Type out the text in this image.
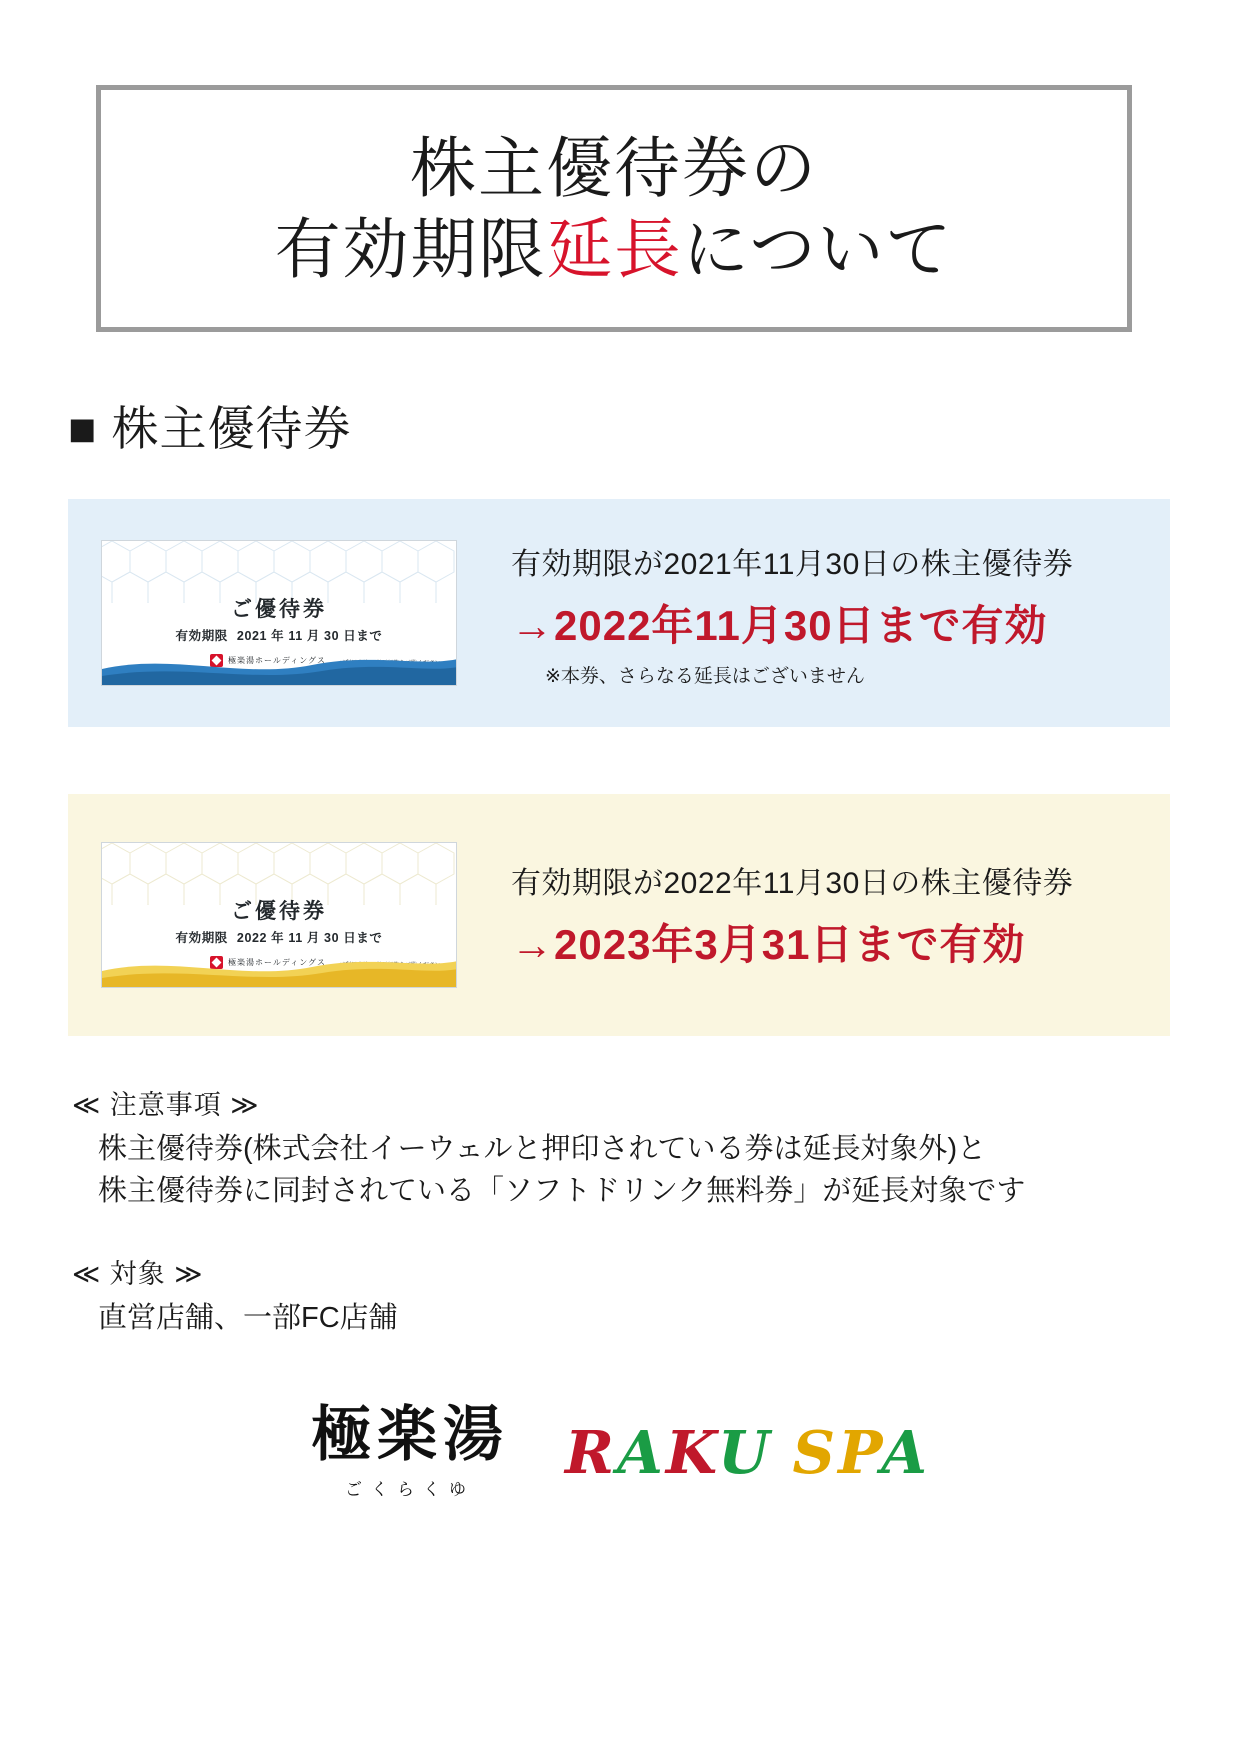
株主優待券の
有効期限延長について
■ 株主優待券
ご優待券
有効期限 2021 年 11 月 30 日まで
極楽湯ホールディングス
有効期限が2021年11月30日の株主優待券
→2022年11月30日まで有効
※本券、さらなる延長はございません
ご優待券
有効期限 2022 年 11 月 30 日まで
極楽湯ホールディングス
有効期限が2022年11月30日の株主優待券
→2023年3月31日まで有効
≪ 注意事項 ≫
株主優待券(株式会社イーウェルと押印されている券は延長対象外)と
株主優待券に同封されている「ソフトドリンク無料券」が延長対象です
≪ 対象 ≫
直営店舗、一部FC店舗
極楽湯
ごくらくゆ
RAKU SPA
